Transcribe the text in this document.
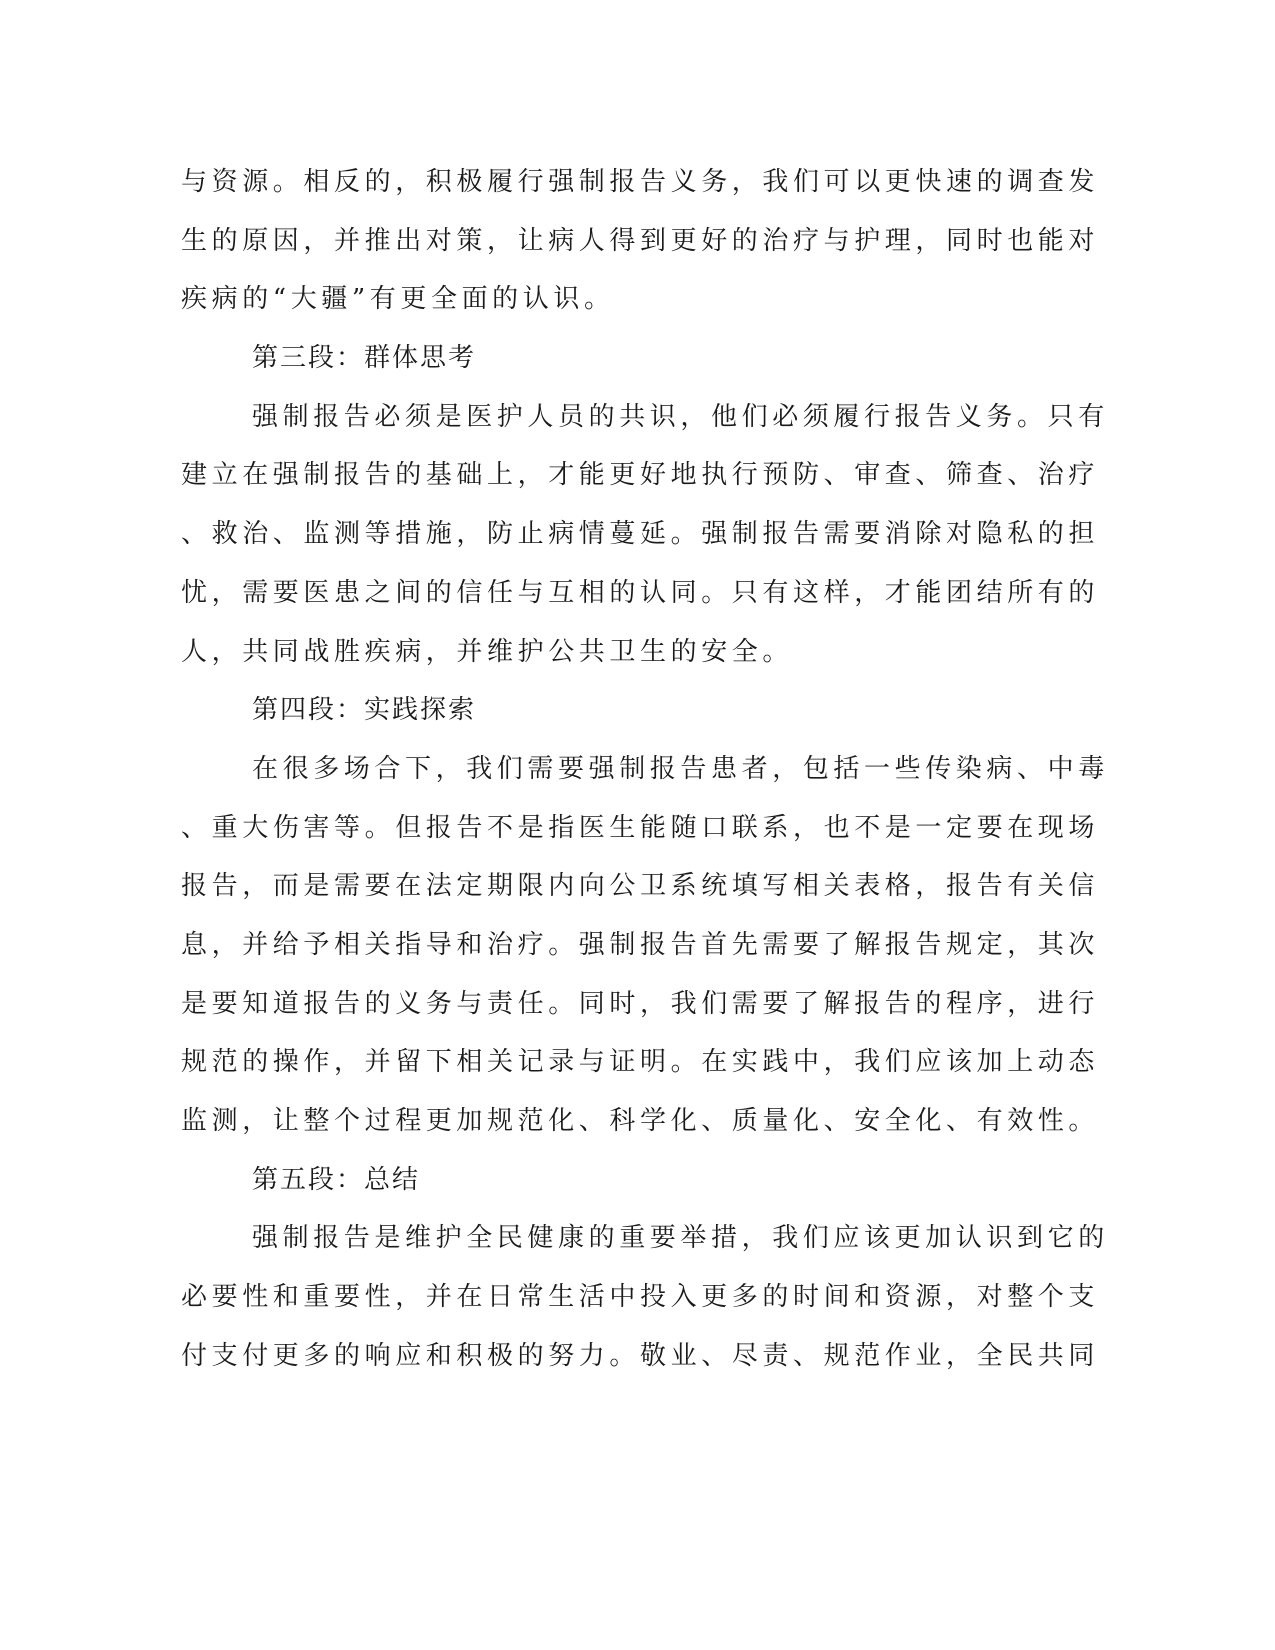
与资源。相反的，积极履行强制报告义务，我们可以更快速的调查发
生的原因，并推出对策，让病人得到更好的治疗与护理，同时也能对
疾病的“大疆”有更全面的认识。
第三段：群体思考
强制报告必须是医护人员的共识，他们必须履行报告义务。只有
建立在强制报告的基础上，才能更好地执行预防、审查、筛查、治疗
、救治、监测等措施，防止病情蔓延。强制报告需要消除对隐私的担
忧，需要医患之间的信任与互相的认同。只有这样，才能团结所有的
人，共同战胜疾病，并维护公共卫生的安全。
第四段：实践探索
在很多场合下，我们需要强制报告患者，包括一些传染病、中毒
、重大伤害等。但报告不是指医生能随口联系，也不是一定要在现场
报告，而是需要在法定期限内向公卫系统填写相关表格，报告有关信
息，并给予相关指导和治疗。强制报告首先需要了解报告规定，其次
是要知道报告的义务与责任。同时，我们需要了解报告的程序，进行
规范的操作，并留下相关记录与证明。在实践中，我们应该加上动态
监测，让整个过程更加规范化、科学化、质量化、安全化、有效性。
第五段：总结
强制报告是维护全民健康的重要举措，我们应该更加认识到它的
必要性和重要性，并在日常生活中投入更多的时间和资源，对整个支
付支付更多的响应和积极的努力。敬业、尽责、规范作业，全民共同
